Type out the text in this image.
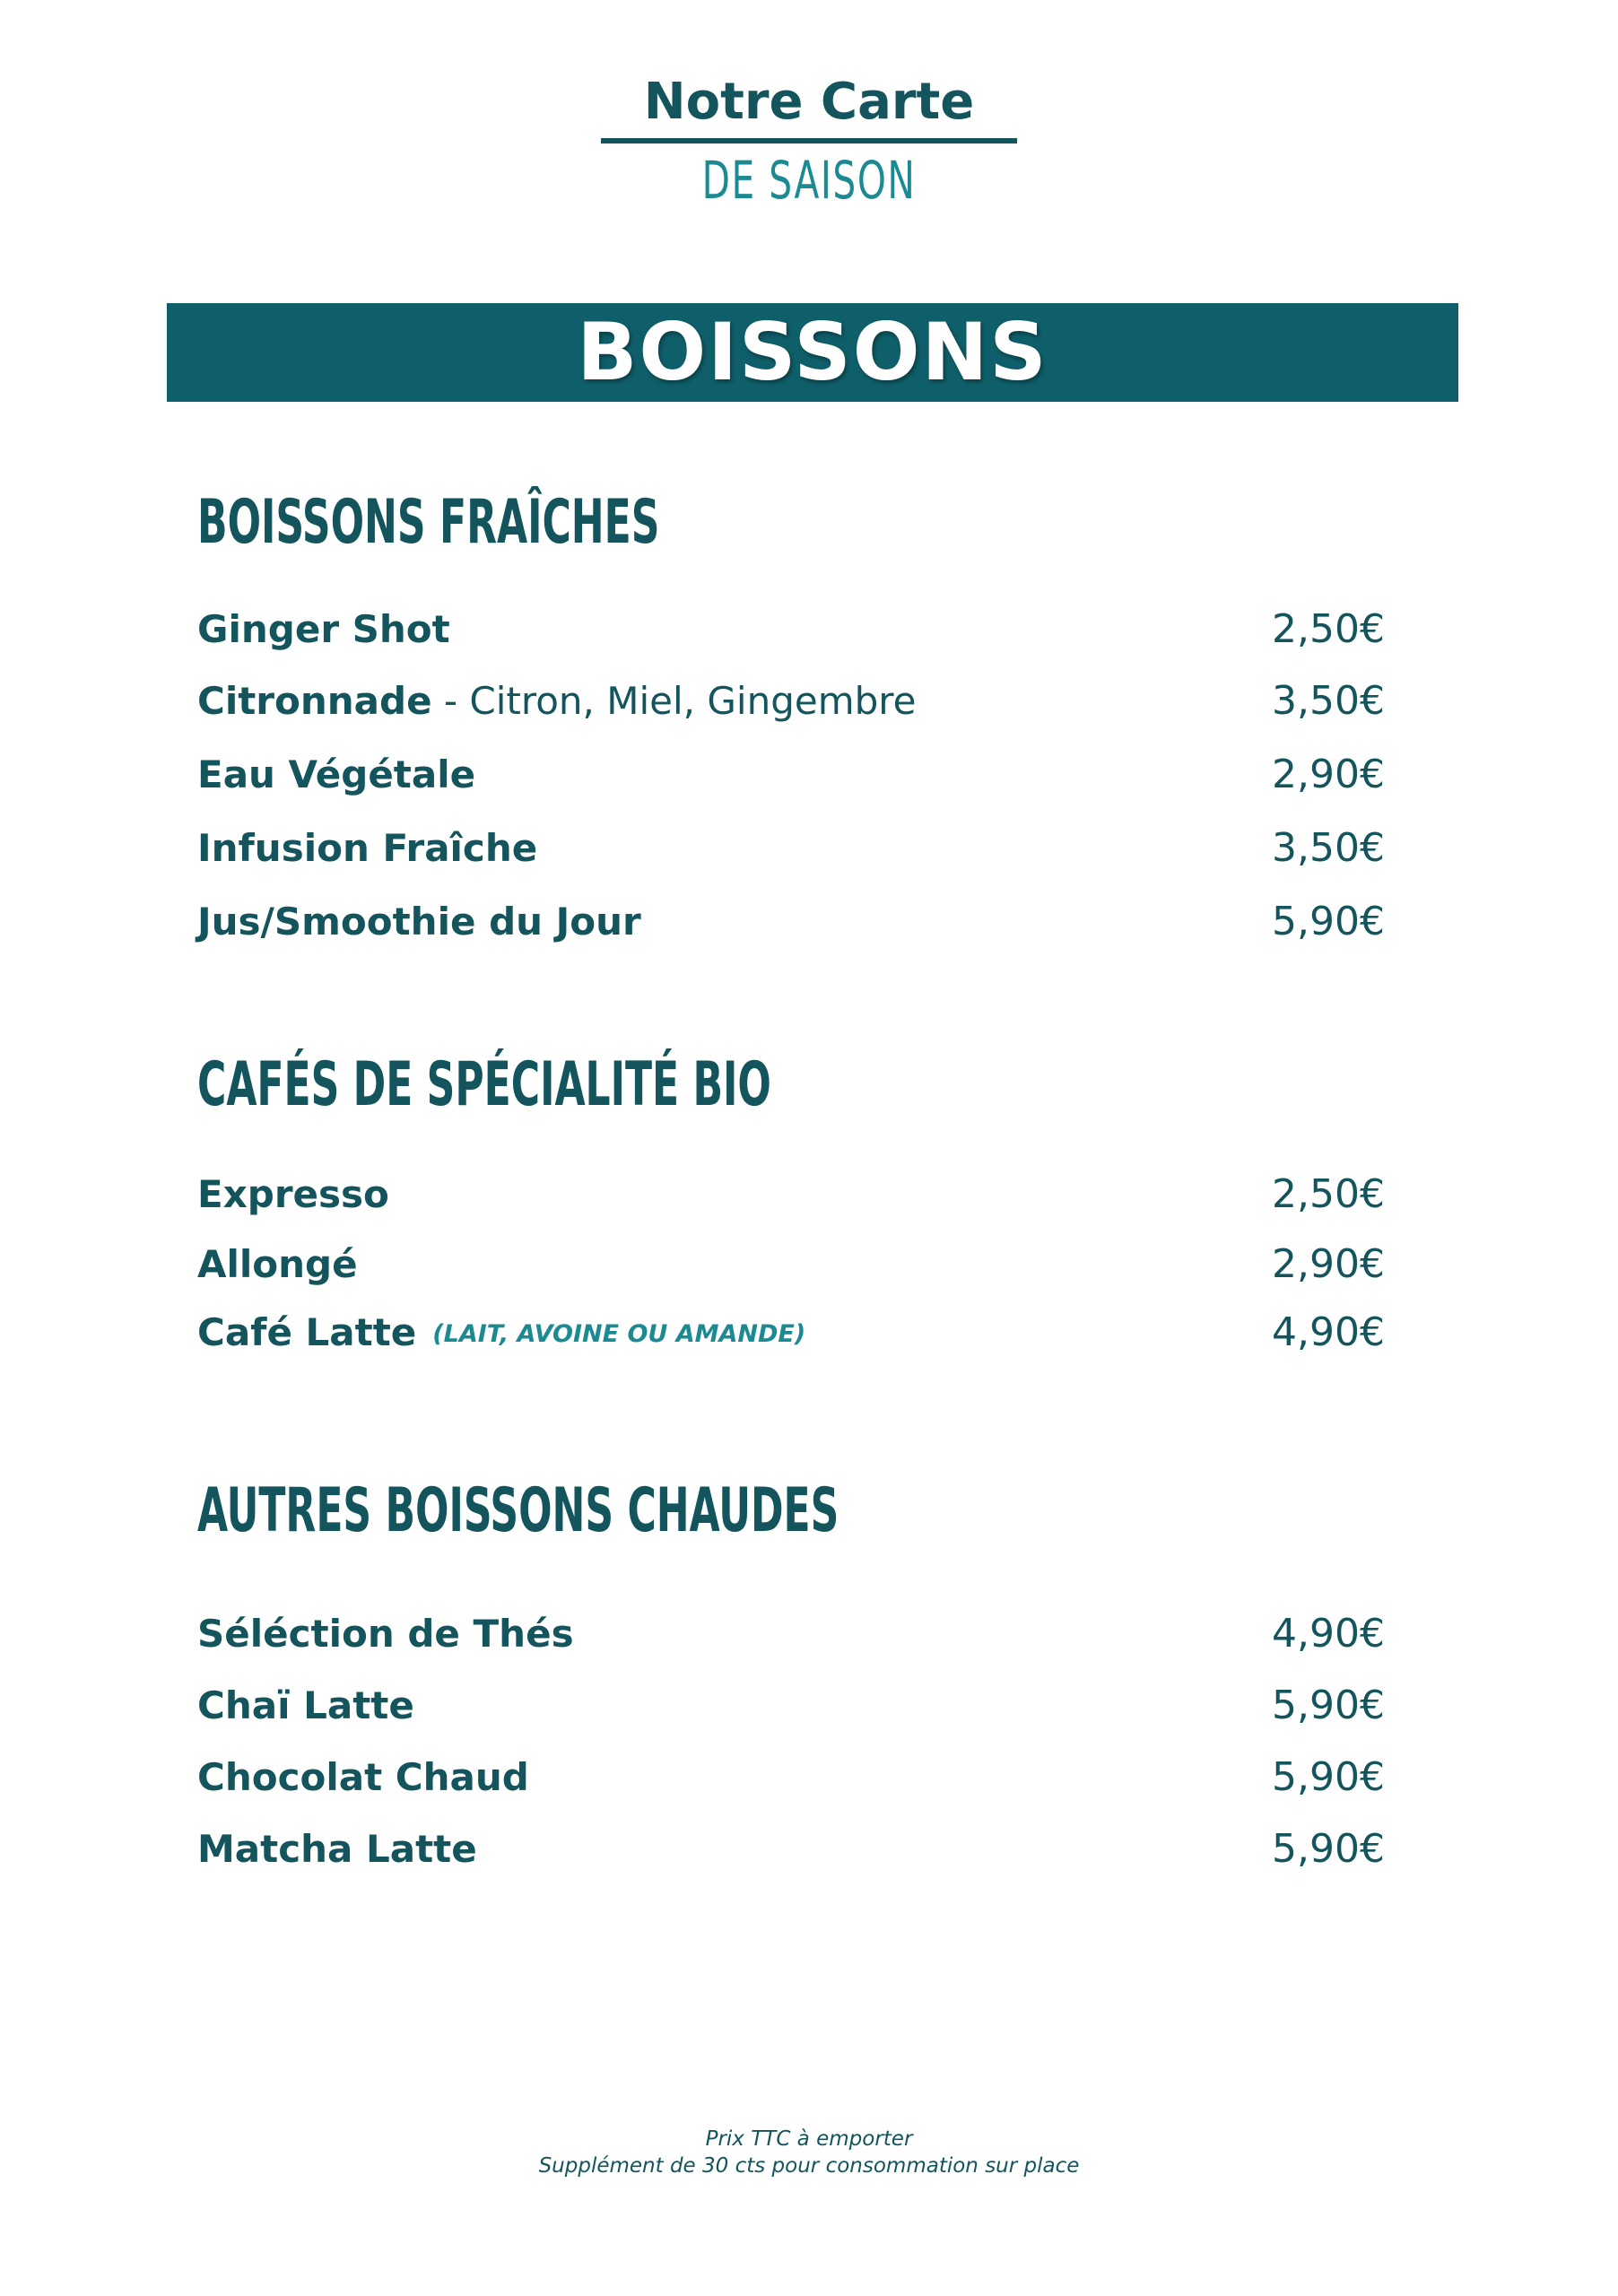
Notre Carte
DE SAISON
BOISSONS
BOISSONS FRAÎCHES
Ginger Shot	2,50€
Citronnade - Citron, Miel, Gingembre	3,50€
Eau Végétale	2,90€
Infusion Fraîche	3,50€
Jus/Smoothie du Jour	5,90€
CAFÉS DE SPÉCIALITÉ BIO
Expresso	2,50€
Allongé	2,90€
Café Latte (LAIT, AVOINE OU AMANDE)	4,90€
AUTRES BOISSONS CHAUDES
Séléction de Thés	4,90€
Chaï Latte	5,90€
Chocolat Chaud	5,90€
Matcha Latte	5,90€
Prix TTC à emporter
Supplément de 30 cts pour consommation sur place
